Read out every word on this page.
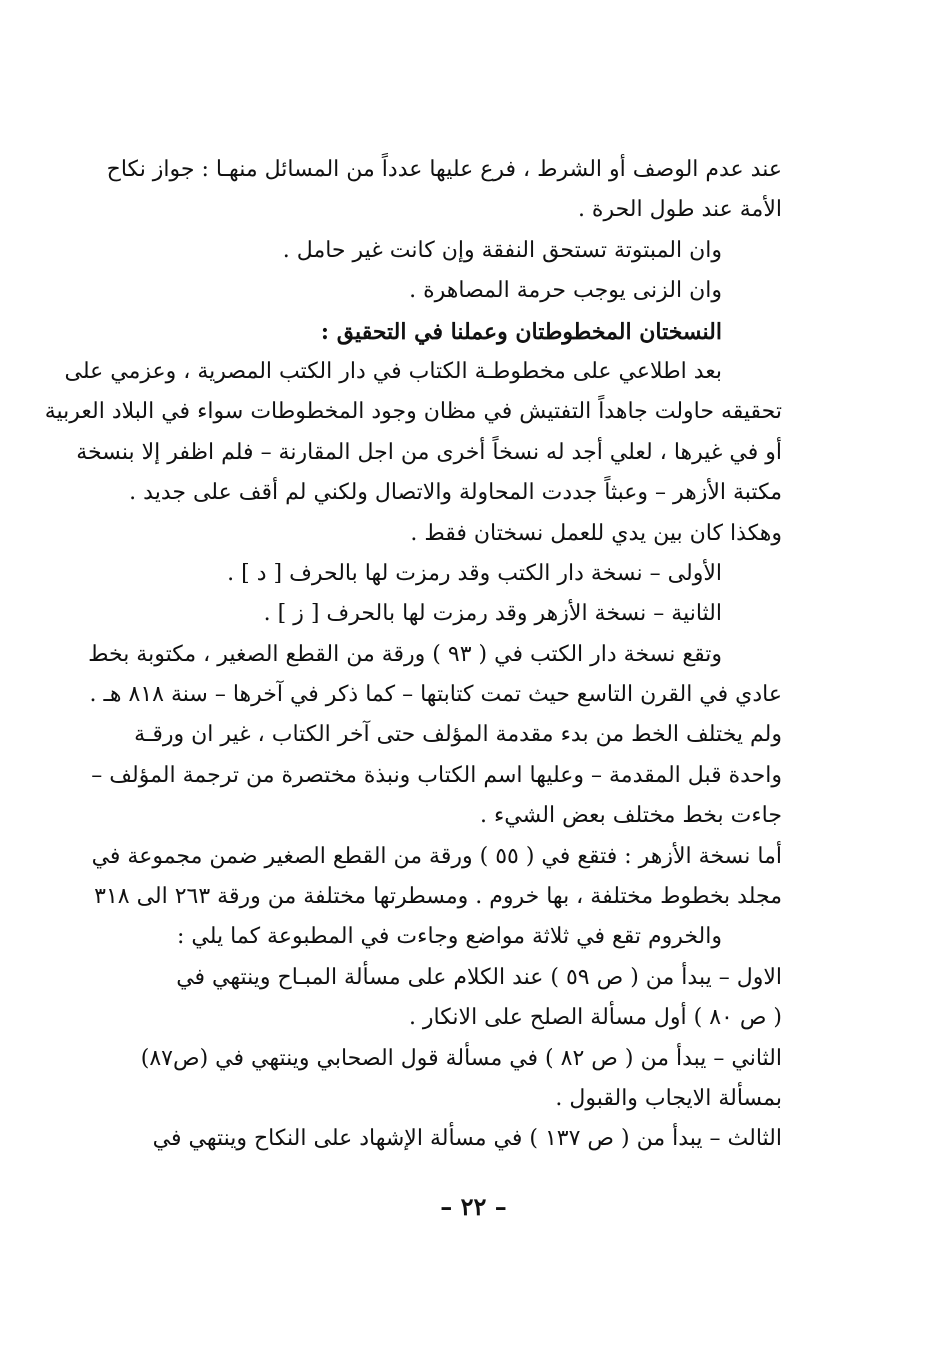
عند عدم الوصف أو الشرط ، فرع عليها عدداً من المسائل منهـا : جواز نكاح
الأمة عند طول الحرة .
وان المبتوتة تستحق النفقة وإن كانت غير حامل .
وان الزنى يوجب حرمة المصاهرة .
النسختان المخطوطتان وعملنا في التحقيق :
بعد اطلاعي على مخطوطـة الكتاب في دار الكتب المصرية ، وعزمي على
تحقيقه حاولت جاهداً التفتيش في مظان وجود المخطوطات سواء في البلاد العربية
أو في غيرها ، لعلي أجد له نسخاً أخرى من اجل المقارنة – فلم اظفر إلا بنسخة
مكتبة الأزهر – وعبثاً جددت المحاولة والاتصال ولكني لم أقف على جديد .
وهكذا كان بين يدي للعمل نسختان فقط .
الأولى – نسخة دار الكتب وقد رمزت لها بالحرف [ د ] .
الثانية – نسخة الأزهر وقد رمزت لها بالحرف [ ز ] .
وتقع نسخة دار الكتب في ( ٩٣ ) ورقة من القطع الصغير ، مكتوبة بخط
عادي في القرن التاسع حيث تمت كتابتها – كما ذكر في آخرها – سنة ٨١٨ هـ .
ولم يختلف الخط من بدء مقدمة المؤلف حتى آخر الكتاب ، غير ان ورقـة
واحدة قبل المقدمة – وعليها اسم الكتاب ونبذة مختصرة من ترجمة المؤلف –
جاءت بخط مختلف بعض الشيء .
أما نسخة الأزهر : فتقع في ( ٥٥ ) ورقة من القطع الصغير ضمن مجموعة في
مجلد بخطوط مختلفة ، بها خروم . ومسطرتها مختلفة من ورقة ٢٦٣ الى ٣١٨
والخروم تقع في ثلاثة مواضع وجاءت في المطبوعة كما يلي :
الاول – يبدأ من ( ص ٥٩ ) عند الكلام على مسألة المبـاح وينتهي في
( ص ٨٠ ) أول مسألة الصلح على الانكار .
الثاني – يبدأ من ( ص ٨٢ ) في مسألة قول الصحابي وينتهي في (ص٨٧)
بمسألة الايجاب والقبول .
الثالث – يبدأ من ( ص ١٣٧ ) في مسألة الإشهاد على النكاح وينتهي في
– ٢٢ –
